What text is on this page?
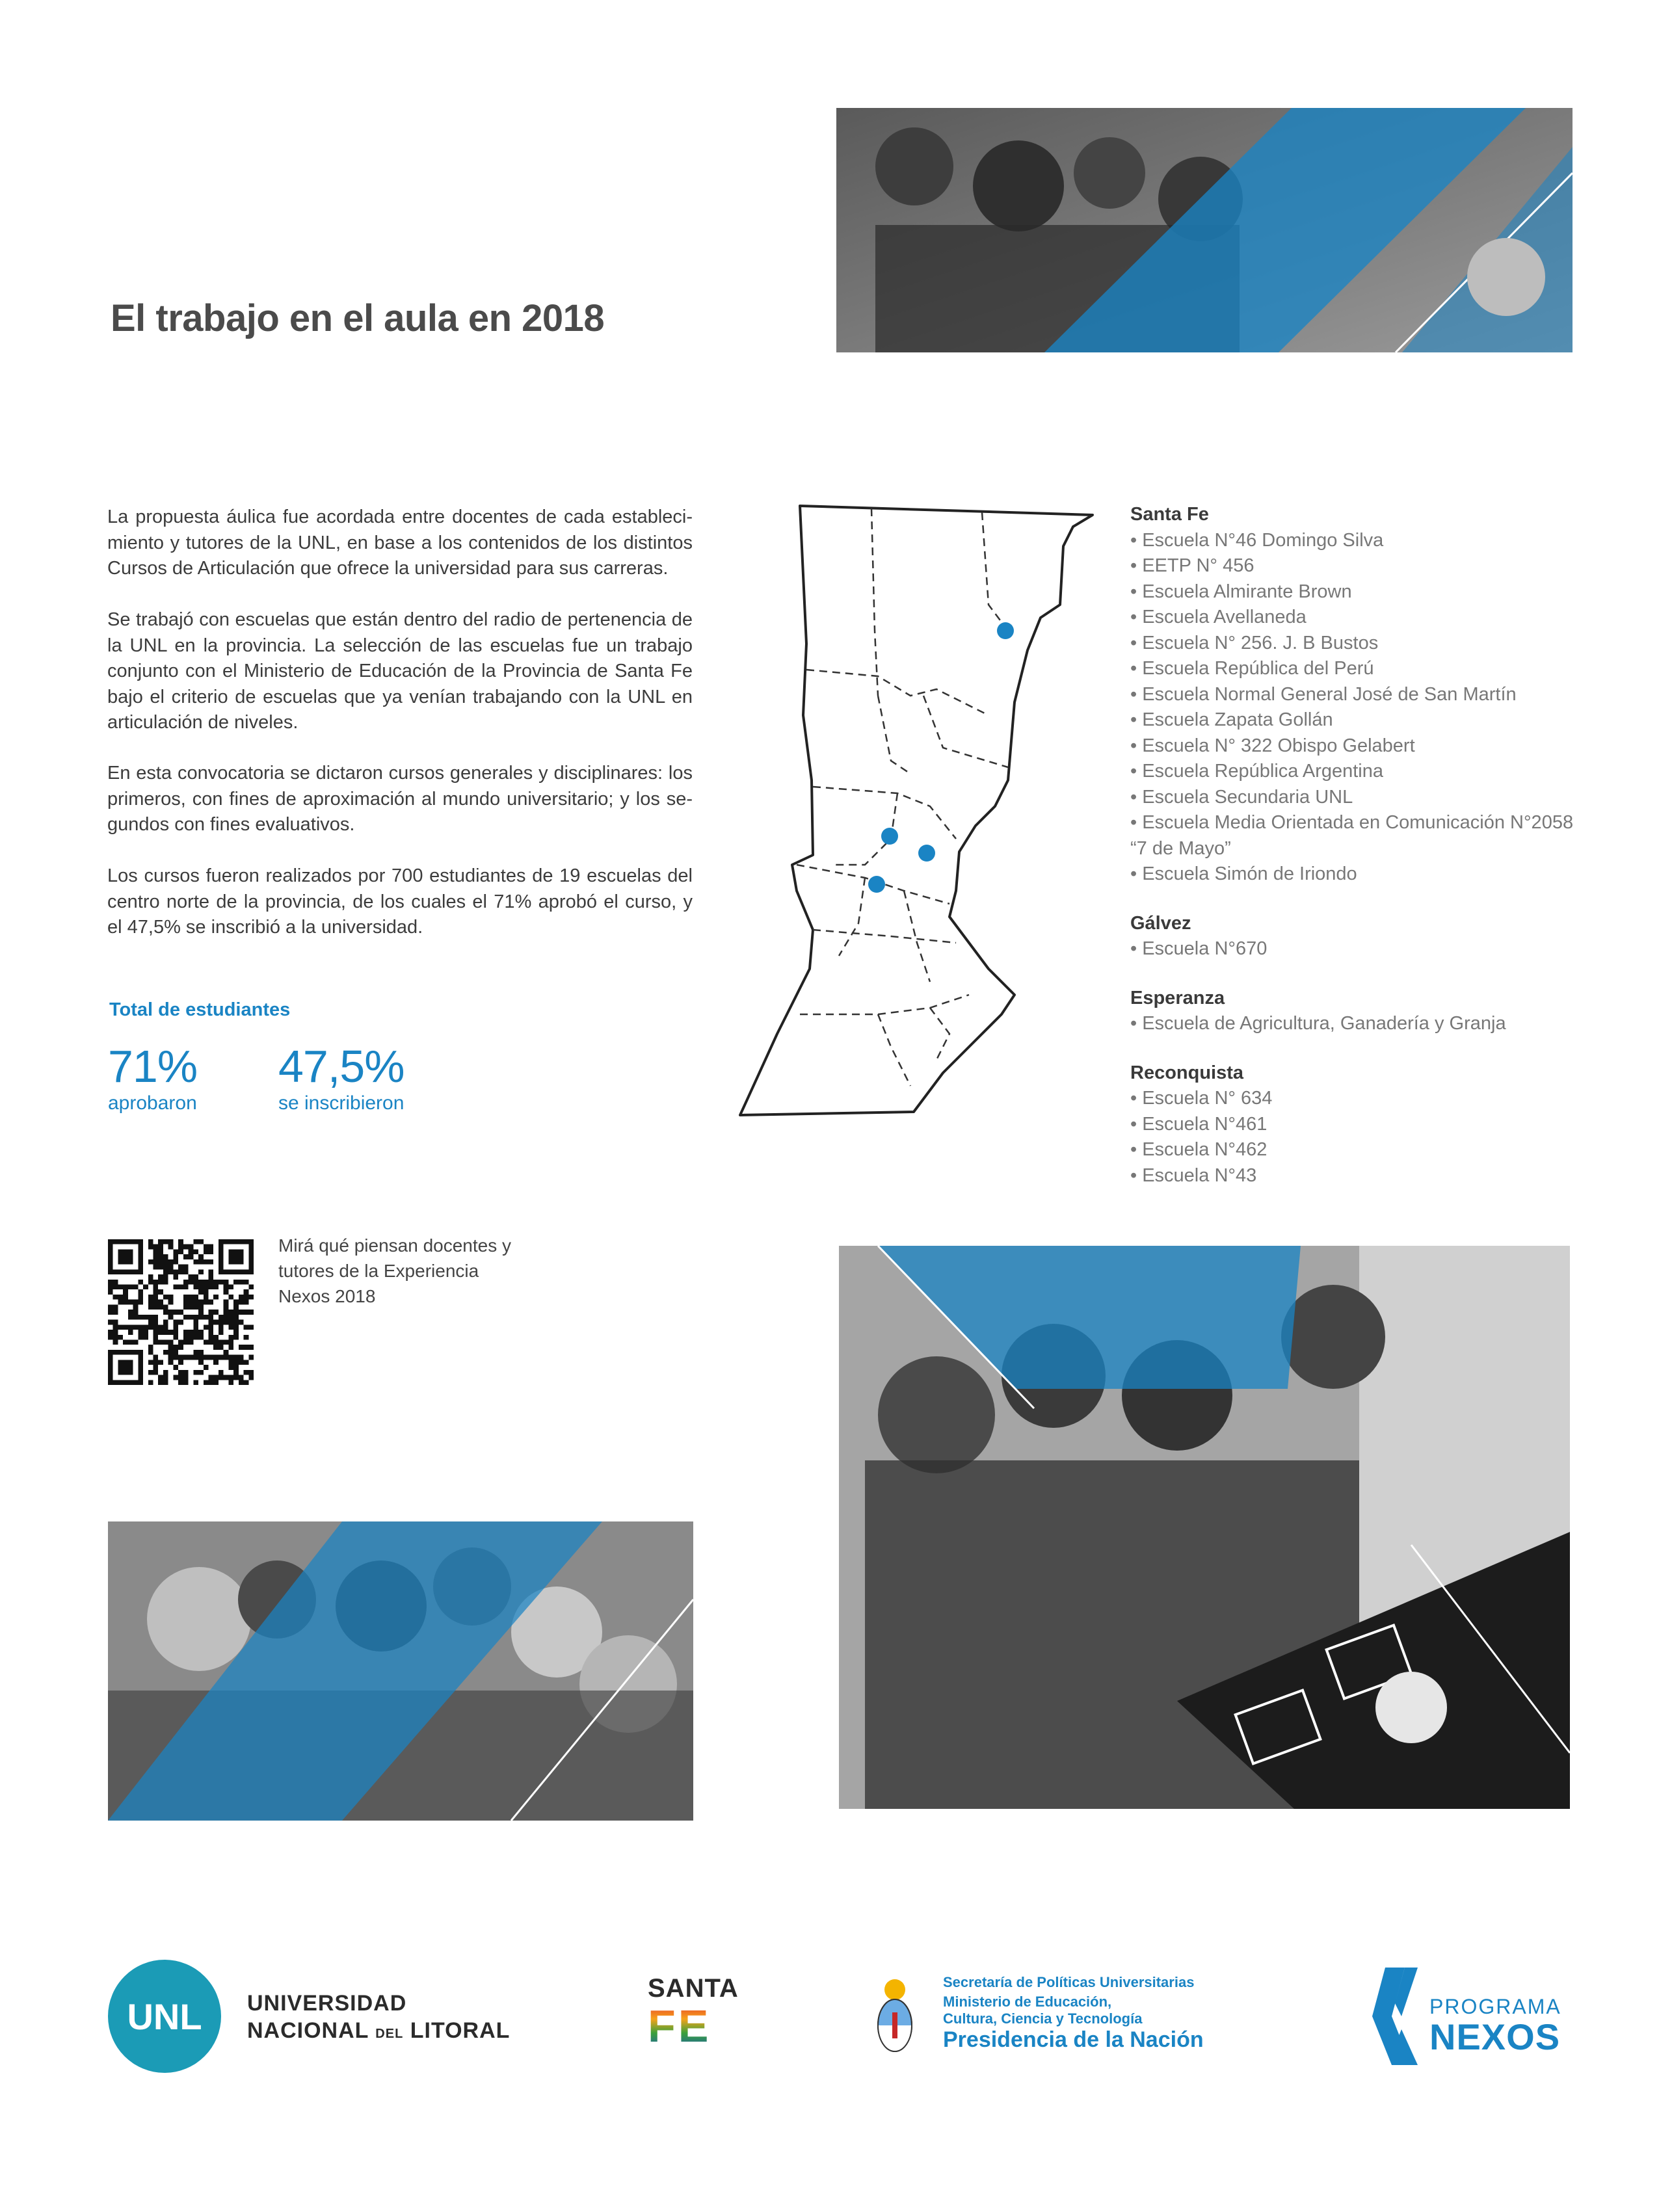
El trabajo en el aula en 2018

La propuesta áulica fue acordada entre docentes de cada estableci-miento y tutores de la UNL, en base a los contenidos de los distintos Cursos de Articulación que ofrece la universidad para sus carreras.

Se trabajó con escuelas que están dentro del radio de pertenencia de la UNL en la provincia. La selección de las escuelas fue un trabajo conjunto con el Ministerio de Educación de la Provincia de Santa Fe bajo el criterio de escuelas que ya venían trabajando con la UNL en articulación de niveles.

En esta convocatoria se dictaron cursos generales y disciplinares: los primeros, con fines de aproximación al mundo universitario; y los se-gundos con fines evaluativos.

Los cursos fueron realizados por 700 estudiantes de 19 escuelas del centro norte de la provincia, de los cuales el 71% aprobó el curso, y el 47,5% se inscribió a la universidad.

Total de estudiantes
71%
aprobaron
47,5%
se inscribieron
Santa Fe
• Escuela N°46 Domingo Silva
• EETP N° 456
• Escuela Almirante Brown
• Escuela Avellaneda
• Escuela N° 256. J. B Bustos
• Escuela República del Perú
• Escuela Normal General José de San Martín
• Escuela Zapata Gollán
• Escuela N° 322 Obispo Gelabert
• Escuela República Argentina
• Escuela Secundaria UNL
• Escuela Media Orientada en Comunicación N°2058
“7 de Mayo”
• Escuela Simón de Iriondo
Gálvez
• Escuela N°670
Esperanza
• Escuela de Agricultura, Ganadería y Granja
Reconquista
• Escuela N° 634
• Escuela N°461
• Escuela N°462
• Escuela N°43
Mirá qué piensan docentes y tutores de la Experiencia Nexos 2018
UNL	UNIVERSIDAD
NACIONAL DEL LITORAL
SANTA
FE
Secretaría de Políticas Universitarias
Ministerio de Educación,
Cultura, Ciencia y Tecnología
Presidencia de la Nación
PROGRAMA
NEXOS
